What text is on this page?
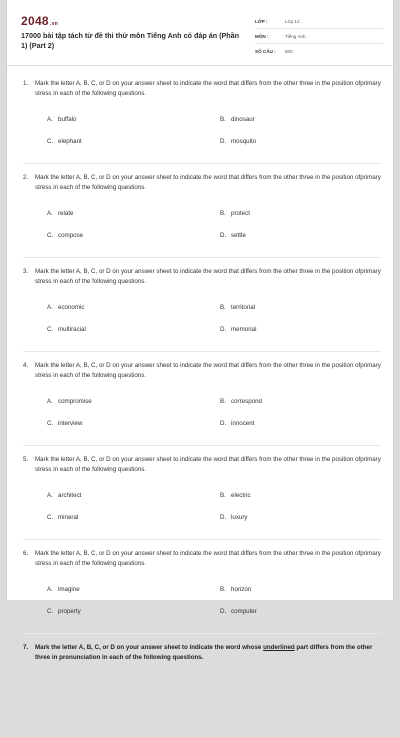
2048.vn
17000 bài tập tách từ đề thi thử môn Tiếng Anh có đáp án (Phần 1) (Part 2)
LỚP :	Lớp 12
MÔN :	Tiếng Anh
SỐ CÂU :	500
1.	Mark the letter A, B, C, or D on your answer sheet to indicate the word that differs from the other three in the position ofprimary stress in each of the following questions.
A. buffalo	B. dinosaur
C. elephant	D. mosquito
2.	Mark the letter A, B, C, or D on your answer sheet to indicate the word that differs from the other three in the position ofprimary stress in each of the following questions.
A. relate	B. protect
C. compose	D. settle
3.	Mark the letter A, B, C, or D on your answer sheet to indicate the word that differs from the other three in the position ofprimary stress in each of the following questions.
A. economic	B. territorial
C. multiracial	D. memorial
4.	Mark the letter A, B, C, or D on your answer sheet to indicate the word that differs from the other three in the position ofprimary stress in each of the following questions.
A. compromise	B. correspond
C. interview	D. innocent
5.	Mark the letter A, B, C, or D on your answer sheet to indicate the word that differs from the other three in the position ofprimary stress in each of the following questions.
A. architect	B. electric
C. mineral	D. luxury
6.	Mark the letter A, B, C, or D on your answer sheet to indicate the word that differs from the other three in the position ofprimary stress in each of the following questions.
A. imagine	B. horizon
C. property	D. computer
7.	Mark the letter A, B, C, or D on your answer sheet to indicate the word whose underlined part differs from the other three in pronunciation in each of the following questions.
